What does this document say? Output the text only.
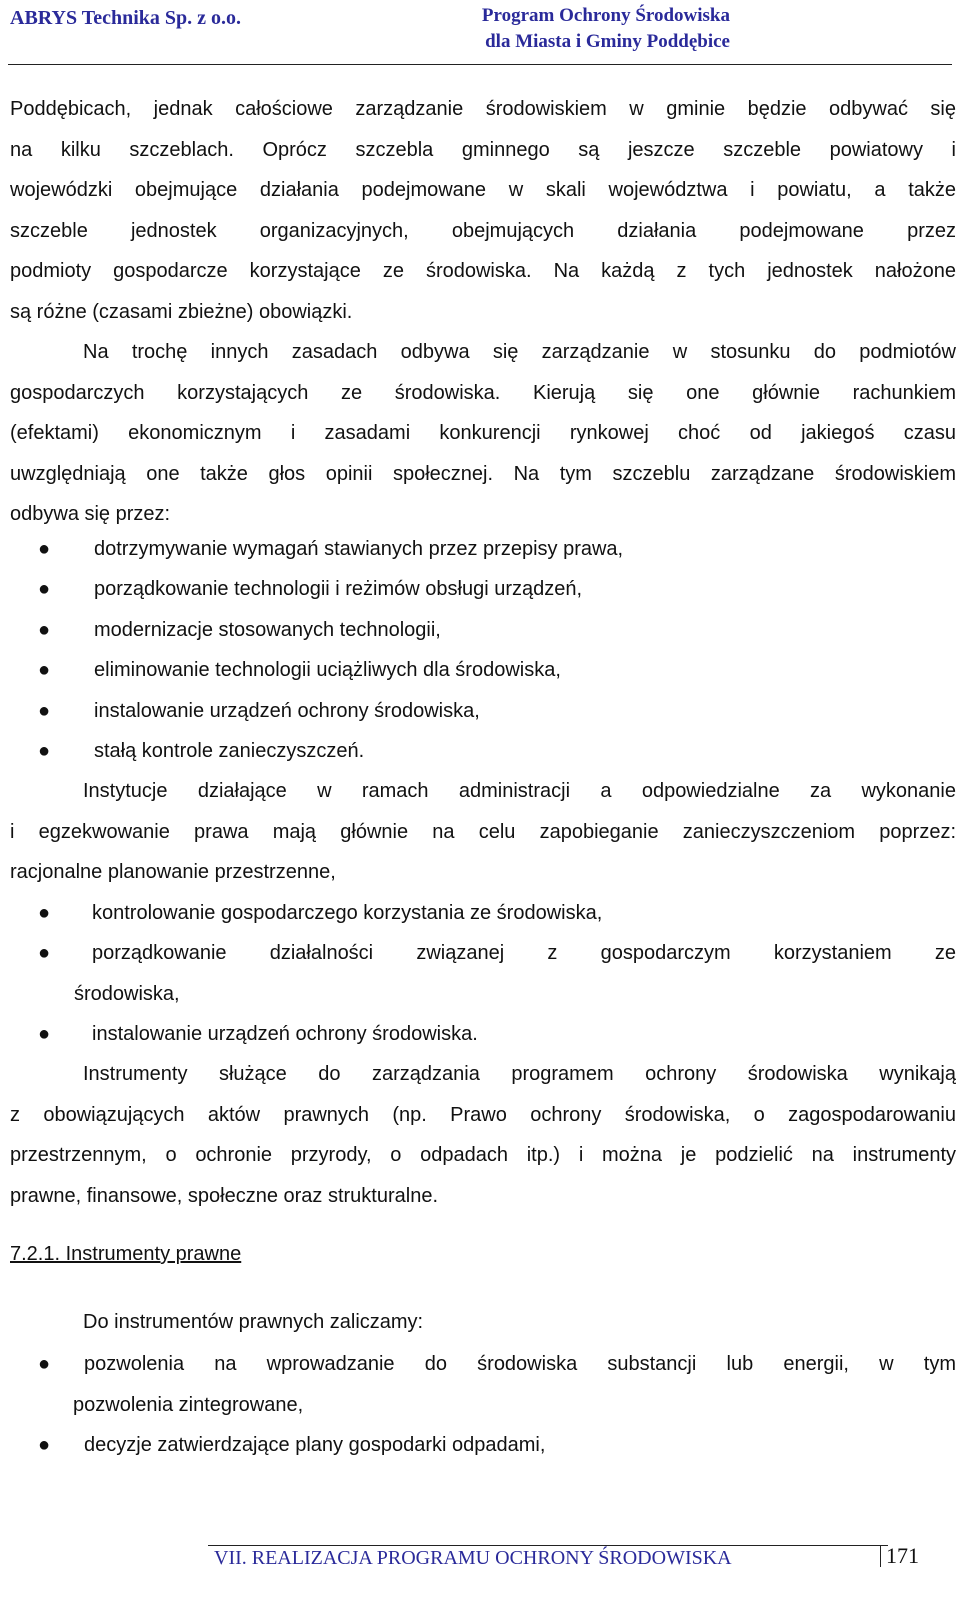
ABRYS Technika Sp. z o.o.	Program Ochrony Środowiska
dla Miasta i Gminy Poddębice
Poddębicach, jednak całościowe zarządzanie środowiskiem w gminie będzie odbywać się
na kilku szczeblach. Oprócz szczebla gminnego są jeszcze szczeble powiatowy i
wojewódzki obejmujące działania podejmowane w skali województwa i powiatu, a także
szczeble jednostek organizacyjnych, obejmujących działania podejmowane przez
podmioty gospodarcze korzystające ze środowiska. Na każdą z tych jednostek nałożone
są różne (czasami zbieżne) obowiązki.
Na trochę innych zasadach odbywa się zarządzanie w stosunku do podmiotów
gospodarczych korzystających ze środowiska. Kierują się one głównie rachunkiem
(efektami) ekonomicznym i zasadami konkurencji rynkowej choć od jakiegoś czasu
uwzględniają one także głos opinii społecznej. Na tym szczeblu zarządzane środowiskiem
odbywa się przez:
● dotrzymywanie wymagań stawianych przez przepisy prawa,
● porządkowanie technologii i reżimów obsługi urządzeń,
● modernizacje stosowanych technologii,
● eliminowanie technologii uciążliwych dla środowiska,
● instalowanie urządzeń ochrony środowiska,
● stałą kontrole zanieczyszczeń.
Instytucje działające w ramach administracji a odpowiedzialne za wykonanie
i egzekwowanie prawa mają głównie na celu zapobieganie zanieczyszczeniom poprzez:
racjonalne planowanie przestrzenne,
● kontrolowanie gospodarczego korzystania ze środowiska,
● porządkowanie działalności związanej z gospodarczym korzystaniem ze
środowiska,
● instalowanie urządzeń ochrony środowiska.
Instrumenty służące do zarządzania programem ochrony środowiska wynikają
z obowiązujących aktów prawnych (np. Prawo ochrony środowiska, o zagospodarowaniu
przestrzennym, o ochronie przyrody, o odpadach itp.) i można je podzielić na instrumenty
prawne, finansowe, społeczne oraz strukturalne.
Do instrumentów prawnych zaliczamy:
● pozwolenia na wprowadzanie do środowiska substancji lub energii, w tym
pozwolenia zintegrowane,
● decyzje zatwierdzające plany gospodarki odpadami,
7.2.1. Instrumenty prawne
VII. REALIZACJA PROGRAMU OCHRONY ŚRODOWISKA	171
